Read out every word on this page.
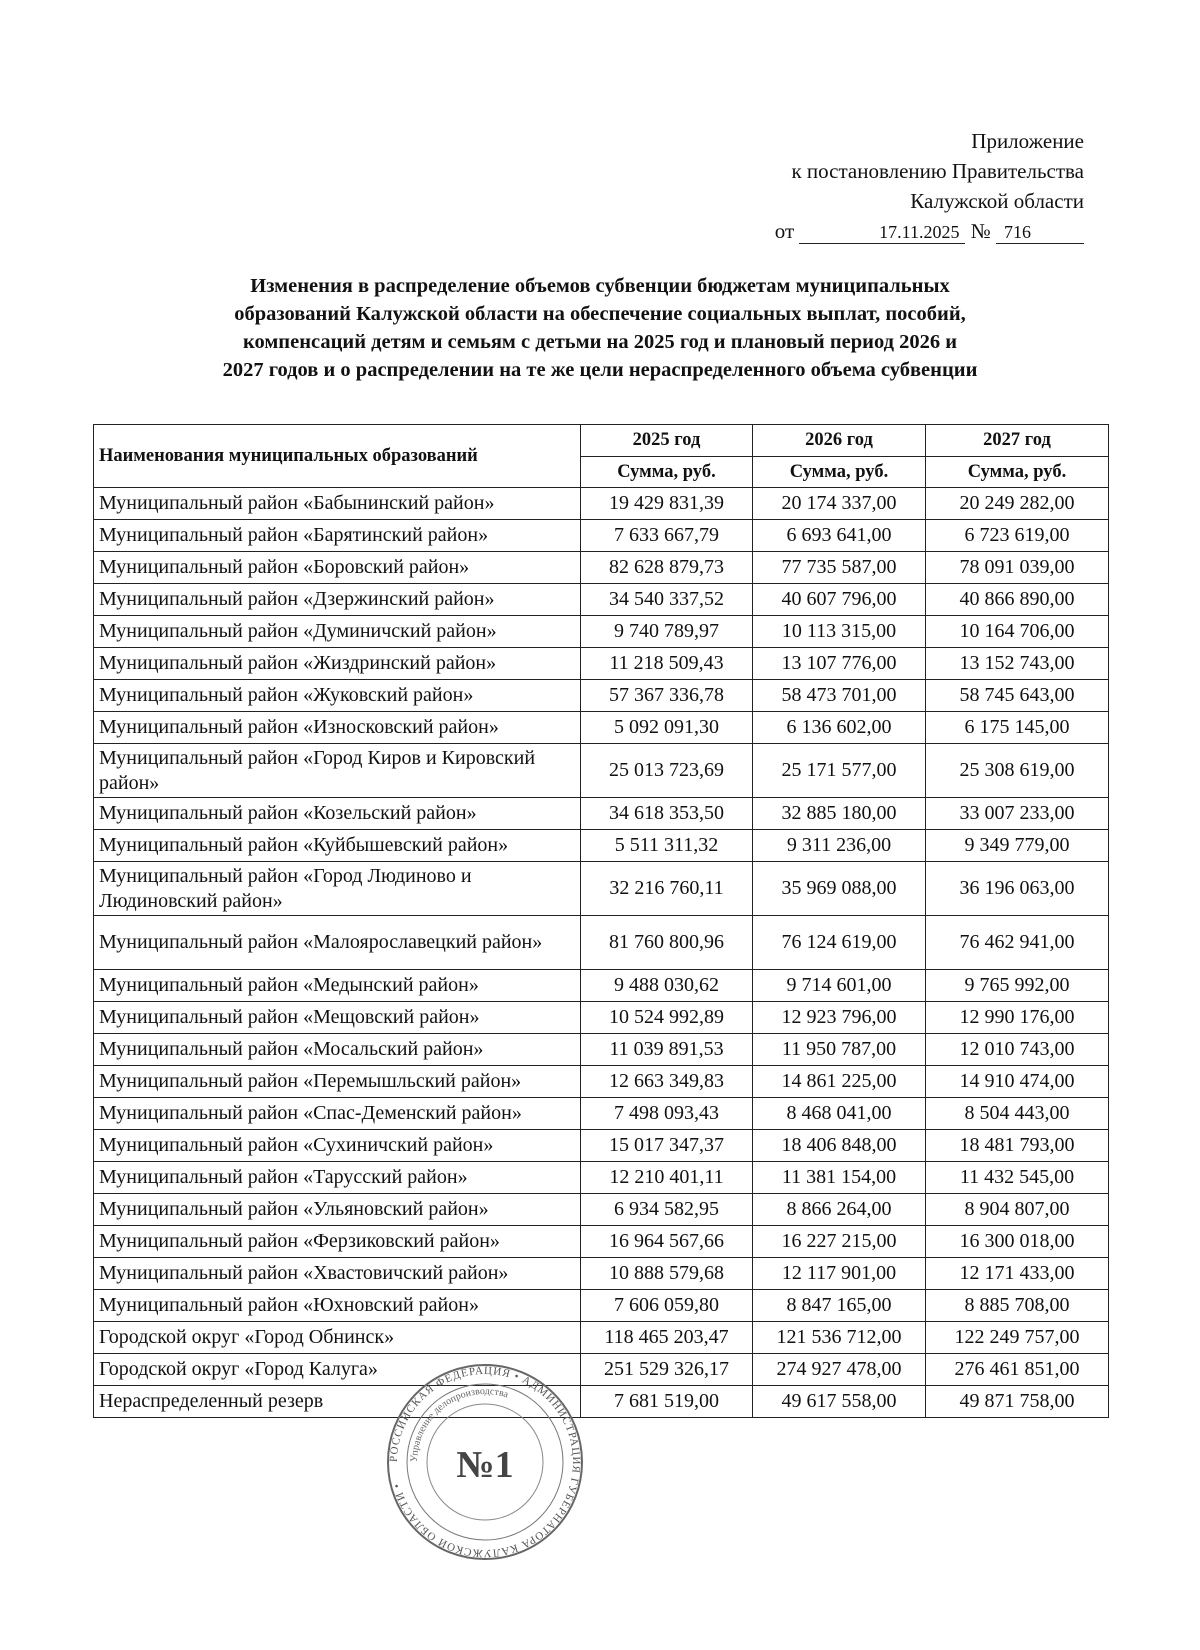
Приложение
к постановлению Правительства
Калужской области
от	17.11.2025 № 716
Изменения в распределение объемов субвенции бюджетам муниципальных
образований Калужской области на обеспечение социальных выплат, пособий,
компенсаций детям и семьям с детьми на 2025 год и плановый период 2026 и
2027 годов и о распределении на те же цели нераспределенного объема субвенции
Наименования муниципальных образований	2025 год	2026 год	2027 год
	Сумма, руб.	Сумма, руб.	Сумма, руб.
Муниципальный район «Бабынинский район»	19 429 831,39	20 174 337,00	20 249 282,00
Муниципальный район «Барятинский район»	7 633 667,79	6 693 641,00	6 723 619,00
Муниципальный район «Боровский район»	82 628 879,73	77 735 587,00	78 091 039,00
Муниципальный район «Дзержинский район»	34 540 337,52	40 607 796,00	40 866 890,00
Муниципальный район «Думиничский район»	9 740 789,97	10 113 315,00	10 164 706,00
Муниципальный район «Жиздринский район»	11 218 509,43	13 107 776,00	13 152 743,00
Муниципальный район «Жуковский район»	57 367 336,78	58 473 701,00	58 745 643,00
Муниципальный район «Износковский район»	5 092 091,30	6 136 602,00	6 175 145,00
Муниципальный район «Город Киров и Кировский район»	25 013 723,69	25 171 577,00	25 308 619,00
Муниципальный район «Козельский район»	34 618 353,50	32 885 180,00	33 007 233,00
Муниципальный район «Куйбышевский район»	5 511 311,32	9 311 236,00	9 349 779,00
Муниципальный район «Город Людиново и Людиновский район»	32 216 760,11	35 969 088,00	36 196 063,00
Муниципальный район «Малоярославецкий район»	81 760 800,96	76 124 619,00	76 462 941,00
Муниципальный район «Медынский район»	9 488 030,62	9 714 601,00	9 765 992,00
Муниципальный район «Мещовский район»	10 524 992,89	12 923 796,00	12 990 176,00
Муниципальный район «Мосальский район»	11 039 891,53	11 950 787,00	12 010 743,00
Муниципальный район «Перемышльский район»	12 663 349,83	14 861 225,00	14 910 474,00
Муниципальный район «Спас-Деменский район»	7 498 093,43	8 468 041,00	8 504 443,00
Муниципальный район «Сухиничский район»	15 017 347,37	18 406 848,00	18 481 793,00
Муниципальный район «Тарусский район»	12 210 401,11	11 381 154,00	11 432 545,00
Муниципальный район «Ульяновский район»	6 934 582,95	8 866 264,00	8 904 807,00
Муниципальный район «Ферзиковский район»	16 964 567,66	16 227 215,00	16 300 018,00
Муниципальный район «Хвастовичский район»	10 888 579,68	12 117 901,00	12 171 433,00
Муниципальный район «Юхновский район»	7 606 059,80	8 847 165,00	8 885 708,00
Городской округ «Город Обнинск»	118 465 203,47	121 536 712,00	122 249 757,00
Городской округ «Город Калуга»	251 529 326,17	274 927 478,00	276 461 851,00
Нераспределенный резерв	7 681 519,00	49 617 558,00	49 871 758,00
РОССИЙСКАЯ ФЕДЕРАЦИЯ • АДМИНИСТРАЦИЯ ГУБЕРНАТОРА КАЛУЖСКОЙ ОБЛАСТИ •
Управление делопроизводства
№1
